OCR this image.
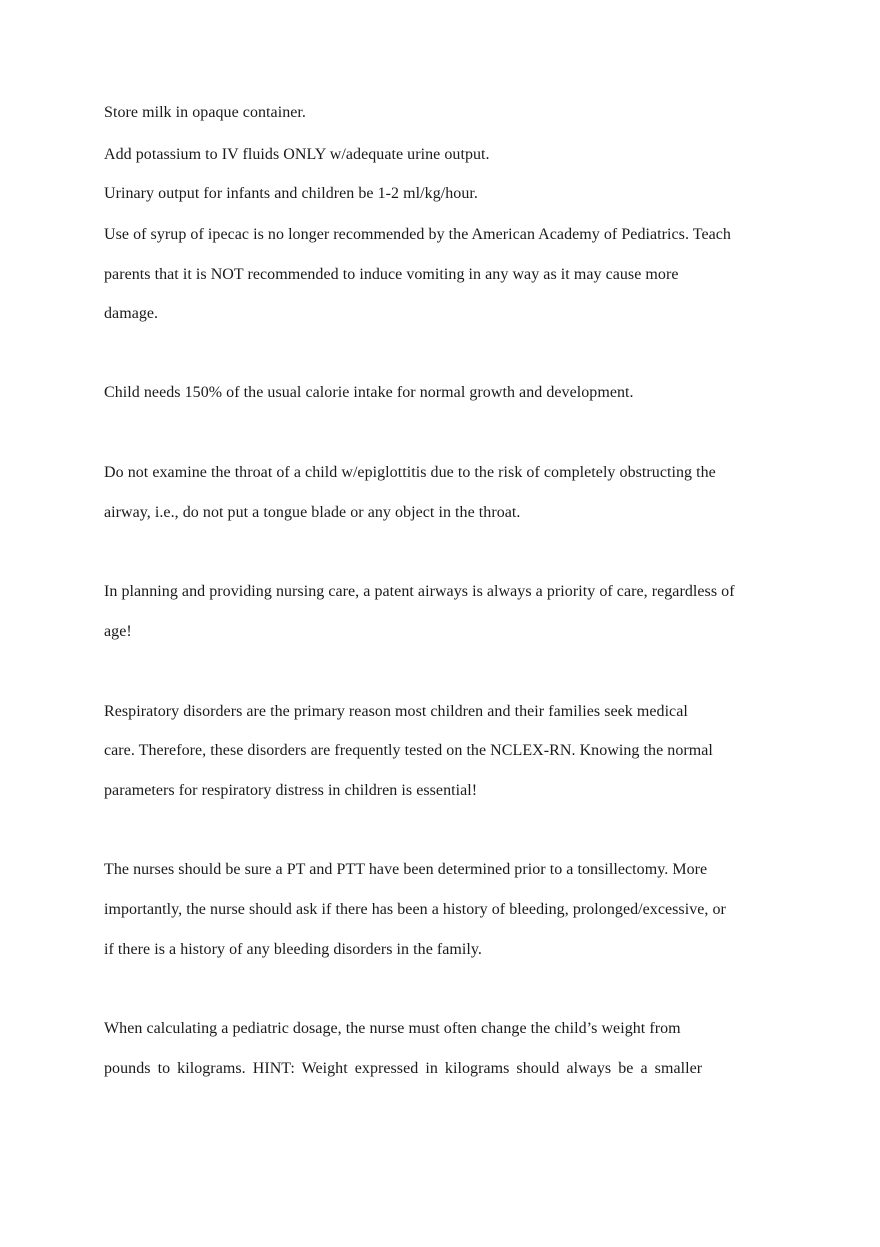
Store milk in opaque container.
Add potassium to IV fluids ONLY w/adequate urine output.
Urinary output for infants and children be 1-2 ml/kg/hour.
Use of syrup of ipecac is no longer recommended by the American Academy of Pediatrics. Teach
parents that it is NOT recommended to induce vomiting in any way as it may cause more
damage.
Child needs 150% of the usual calorie intake for normal growth and development.
Do not examine the throat of a child w/epiglottitis due to the risk of completely obstructing the
airway, i.e., do not put a tongue blade or any object in the throat.
In planning and providing nursing care, a patent airways is always a priority of care, regardless of
age!
Respiratory disorders are the primary reason most children and their families seek medical
care. Therefore, these disorders are frequently tested on the NCLEX-RN. Knowing the normal
parameters for respiratory distress in children is essential!
The nurses should be sure a PT and PTT have been determined prior to a tonsillectomy. More
importantly, the nurse should ask if there has been a history of bleeding, prolonged/excessive, or
if there is a history of any bleeding disorders in the family.
When calculating a pediatric dosage, the nurse must often change the child’s weight from
pounds to kilograms. HINT: Weight expressed in kilograms should always be a smaller
